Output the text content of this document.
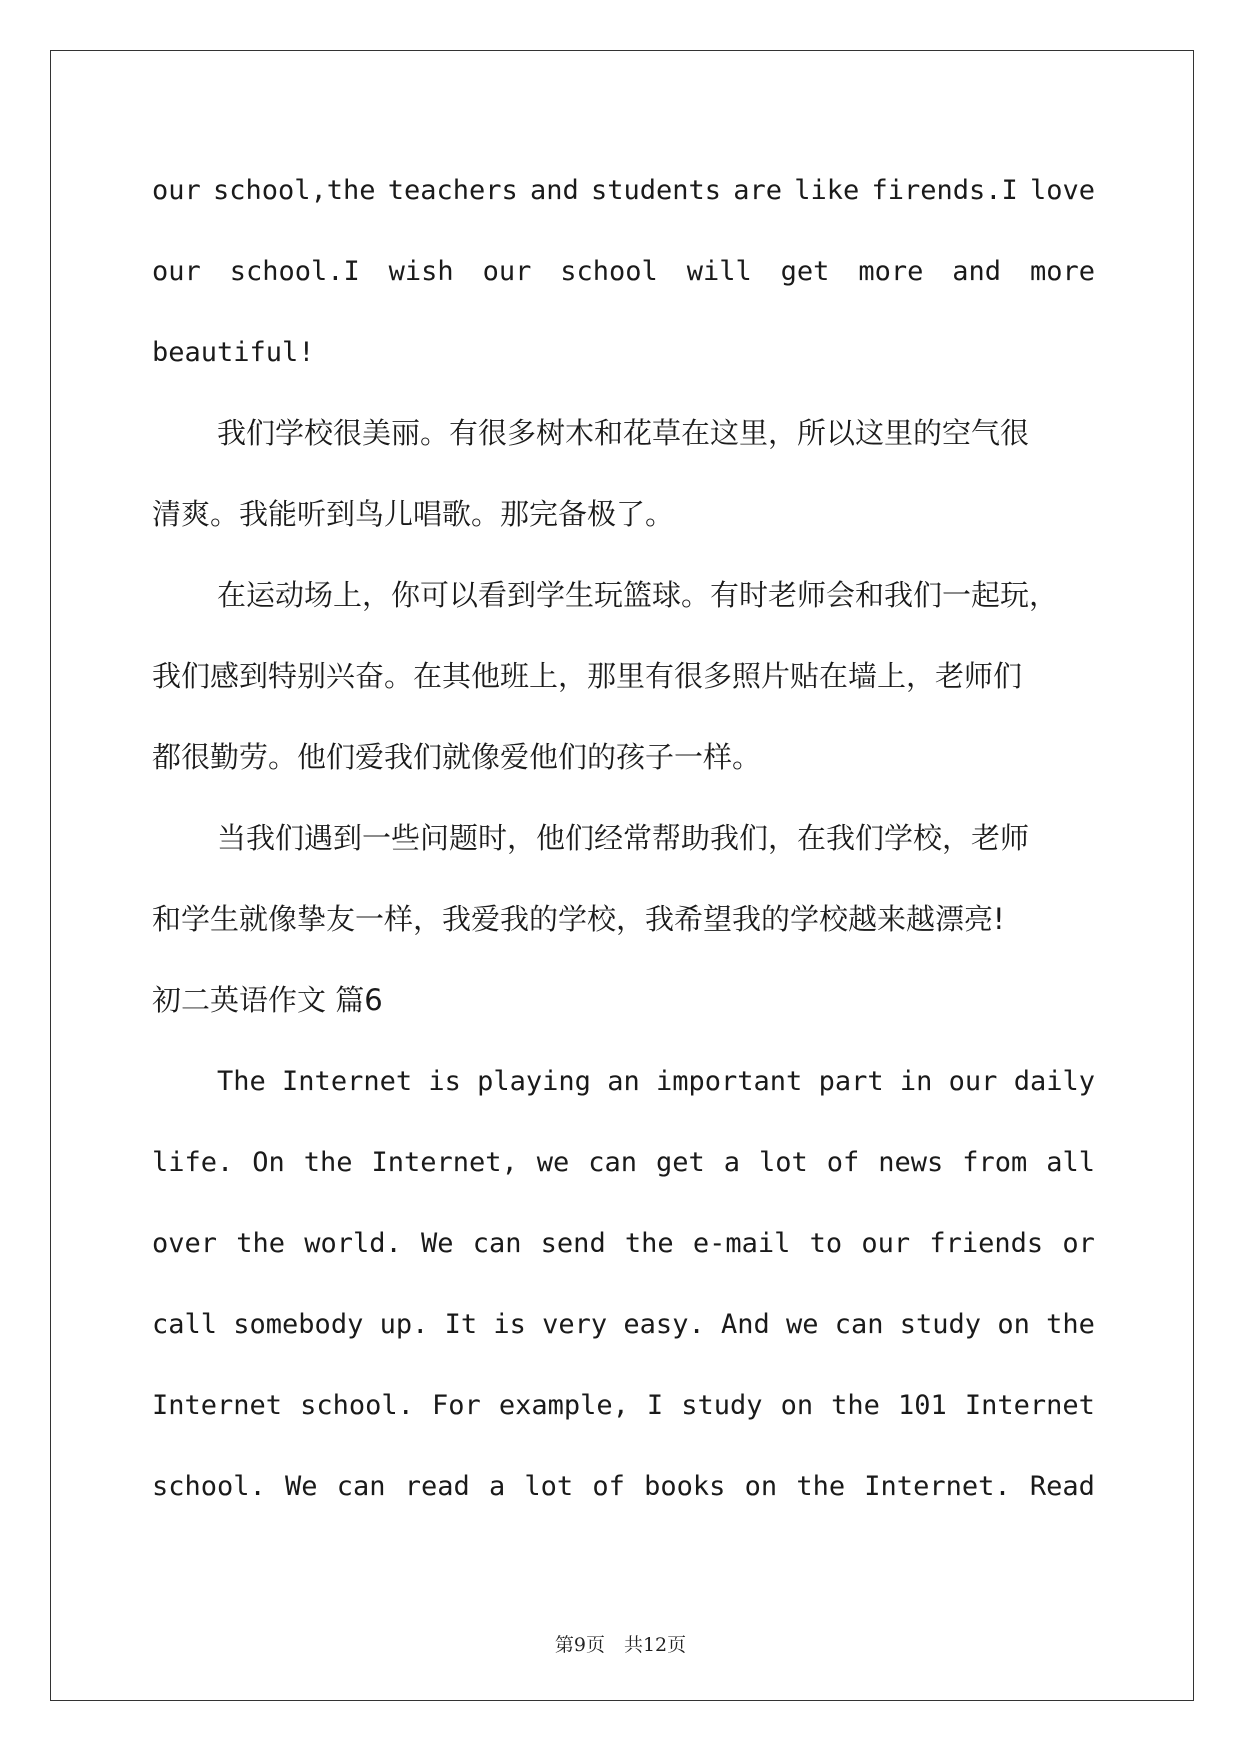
our school,the teachers and students are like firends.I love
our school.I wish our school will get more and more
beautiful!
我们学校很美丽。有很多树木和花草在这里，所以这里的空气很
清爽。我能听到鸟儿唱歌。那完备极了。
在运动场上，你可以看到学生玩篮球。有时老师会和我们一起玩，
我们感到特别兴奋。在其他班上，那里有很多照片贴在墙上，老师们
都很勤劳。他们爱我们就像爱他们的孩子一样。
当我们遇到一些问题时，他们经常帮助我们，在我们学校，老师
和学生就像挚友一样，我爱我的学校，我希望我的学校越来越漂亮!
初二英语作文 篇6
The Internet is playing an important part in our daily
life. On the Internet, we can get a lot of news from all
over the world. We can send the e-mail to our friends or
call somebody up. It is very easy. And we can study on the
Internet school. For example, I study on the 101 Internet
school. We can read a lot of books on the Internet. Read
第9页　共12页
